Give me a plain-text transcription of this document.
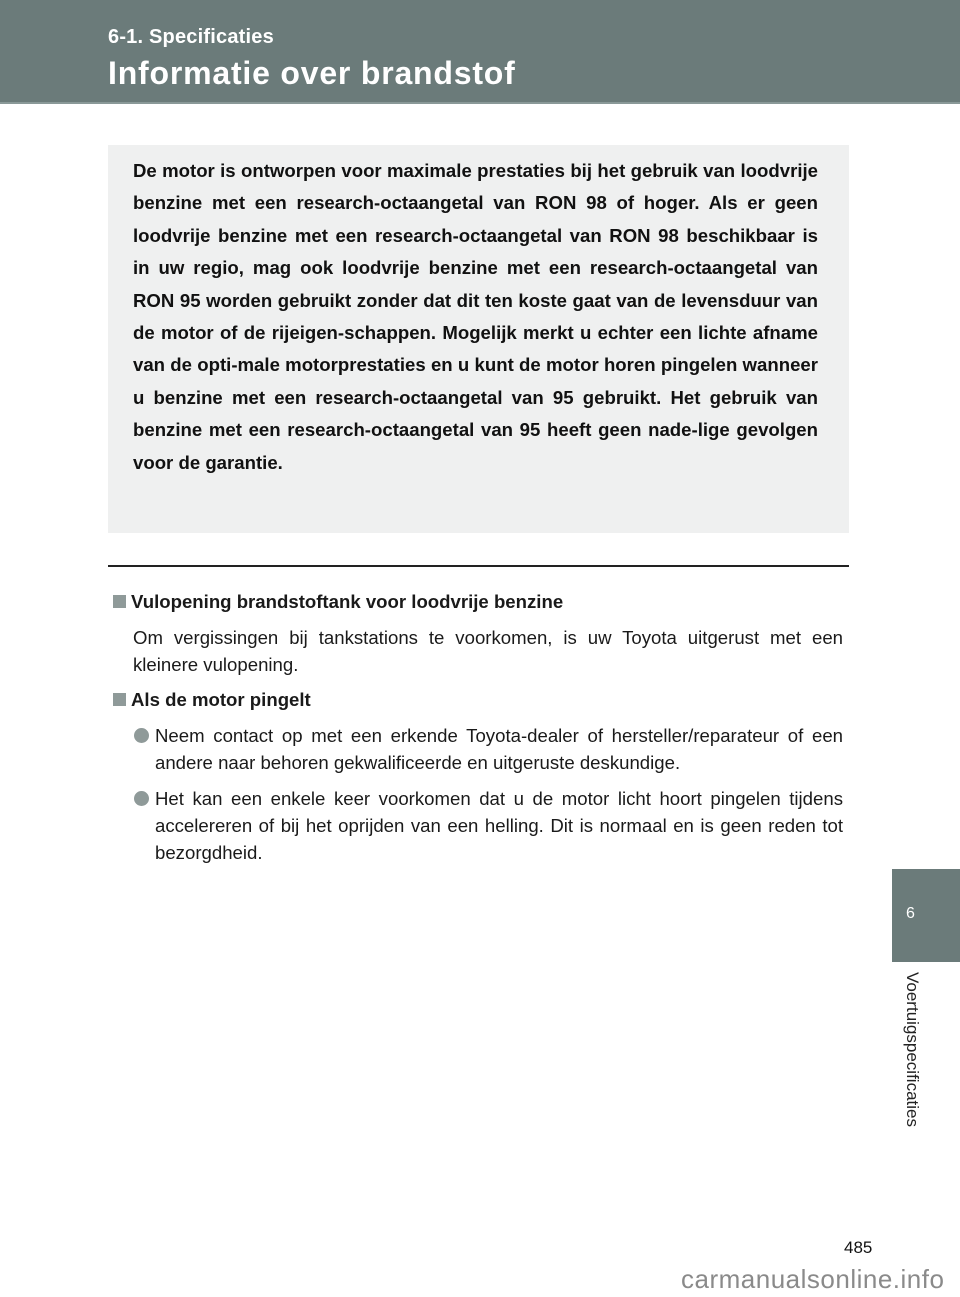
6-1. Specificaties
Informatie over brandstof
De motor is ontworpen voor maximale prestaties bij het gebruik van loodvrije benzine met een research-octaangetal van RON 98 of hoger. Als er geen loodvrije benzine met een research-octaangetal van RON 98 beschikbaar is in uw regio, mag ook loodvrije benzine met een research-octaangetal van RON 95 worden gebruikt zonder dat dit ten koste gaat van de levensduur van de motor of de rijeigen-schappen. Mogelijk merkt u echter een lichte afname van de opti-male motorprestaties en u kunt de motor horen pingelen wanneer u benzine met een research-octaangetal van 95 gebruikt. Het gebruik van benzine met een research-octaangetal van 95 heeft geen nade-lige gevolgen voor de garantie.
Vulopening brandstoftank voor loodvrije benzine
Om vergissingen bij tankstations te voorkomen, is uw Toyota uitgerust met een kleinere vulopening.
Als de motor pingelt
Neem contact op met een erkende Toyota-dealer of hersteller/reparateur of een andere naar behoren gekwalificeerde en uitgeruste deskundige.
Het kan een enkele keer voorkomen dat u de motor licht hoort pingelen tijdens accelereren of bij het oprijden van een helling. Dit is normaal en is geen reden tot bezorgdheid.
6
Voertuigspecificaties
485
carmanualsonline.info
